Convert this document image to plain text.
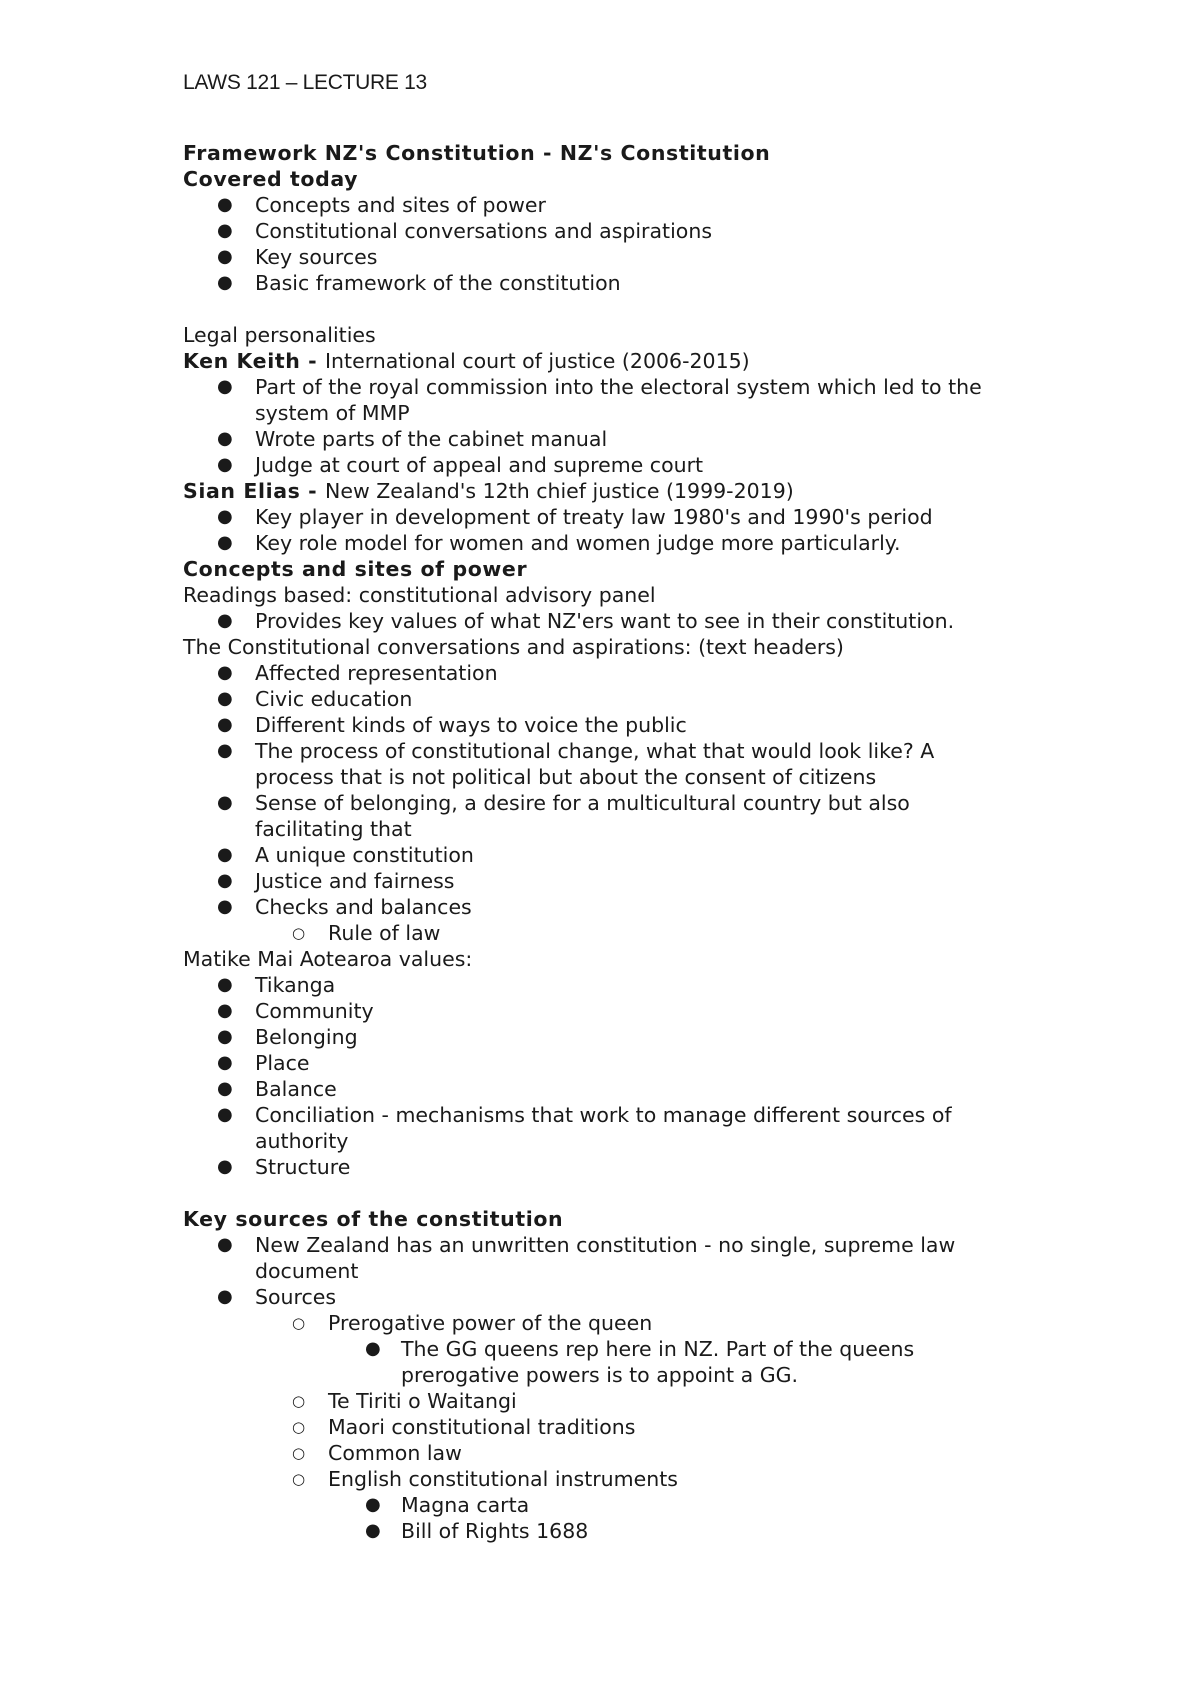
LAWS 121 – LECTURE 13
Framework NZ's Constitution - NZ's Constitution
Covered today
● Concepts and sites of power
● Constitutional conversations and aspirations
● Key sources
● Basic framework of the constitution
Legal personalities
Ken Keith - International court of justice (2006-2015)
● Part of the royal commission into the electoral system which led to the system of MMP
● Wrote parts of the cabinet manual
● Judge at court of appeal and supreme court
Sian Elias - New Zealand's 12th chief justice (1999-2019)
● Key player in development of treaty law 1980's and 1990's period
● Key role model for women and women judge more particularly.
Concepts and sites of power
Readings based: constitutional advisory panel
● Provides key values of what NZ'ers want to see in their constitution.
The Constitutional conversations and aspirations: (text headers)
● Affected representation
● Civic education
● Different kinds of ways to voice the public
● The process of constitutional change, what that would look like? A process that is not political but about the consent of citizens
● Sense of belonging, a desire for a multicultural country but also facilitating that
● A unique constitution
● Justice and fairness
● Checks and balances
○ Rule of law
Matike Mai Aotearoa values:
● Tikanga
● Community
● Belonging
● Place
● Balance
● Conciliation - mechanisms that work to manage different sources of authority
● Structure
Key sources of the constitution
● New Zealand has an unwritten constitution - no single, supreme law document
● Sources
○ Prerogative power of the queen
● The GG queens rep here in NZ. Part of the queens prerogative powers is to appoint a GG.
○ Te Tiriti o Waitangi
○ Maori constitutional traditions
○ Common law
○ English constitutional instruments
● Magna carta
● Bill of Rights 1688
